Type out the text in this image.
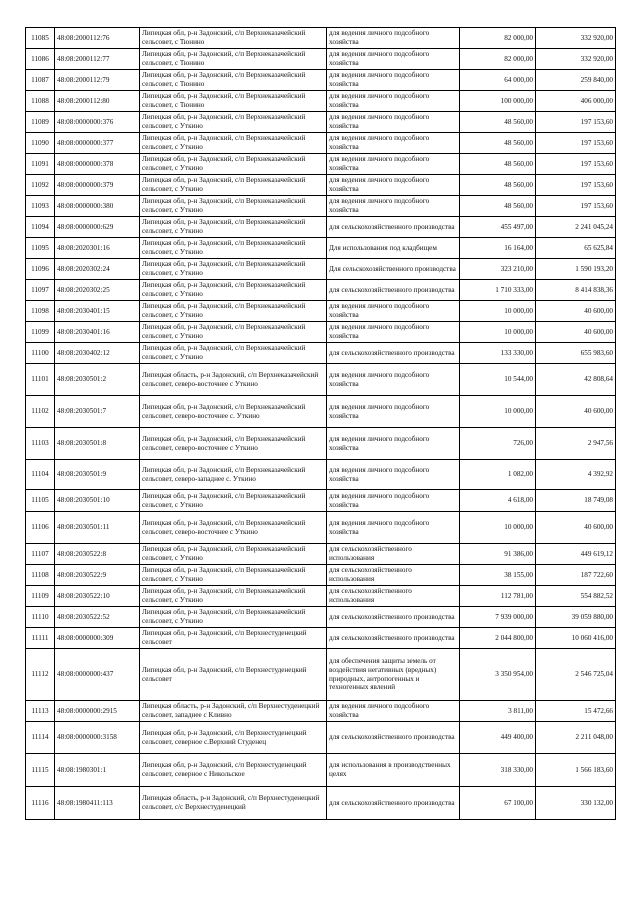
11085	48:08:2000112:76	Липецкая обл, р-н Задонский, с/п Верхнеказачейский сельсовет, с Тюнино	для ведения личного подсобного хозяйства	82 000,00	332 920,00
11086	48:08:2000112:77	Липецкая обл, р-н Задонский, с/п Верхнеказачейский сельсовет, с Тюнино	для ведения личного подсобного хозяйства	82 000,00	332 920,00
11087	48:08:2000112:79	Липецкая обл, р-н Задонский, с/п Верхнеказачейский сельсовет, с Тюнино	для ведения личного подсобного хозяйства	64 000,00	259 840,00
11088	48:08:2000112:80	Липецкая обл, р-н Задонский, с/п Верхнеказачейский сельсовет, с Тюнино	для ведения личного подсобного хозяйства	100 000,00	406 000,00
11089	48:08:0000000:376	Липецкая обл, р-н Задонский, с/п Верхнеказачейский сельсовет, с Уткино	для ведения личного подсобного хозяйства	48 560,00	197 153,60
11090	48:08:0000000:377	Липецкая обл, р-н Задонский, с/п Верхнеказачейский сельсовет, с Уткино	для ведения личного подсобного хозяйства	48 560,00	197 153,60
11091	48:08:0000000:378	Липецкая обл, р-н Задонский, с/п Верхнеказачейский сельсовет, с Уткино	для ведения личного подсобного хозяйства	48 560,00	197 153,60
11092	48:08:0000000:379	Липецкая обл, р-н Задонский, с/п Верхнеказачейский сельсовет, с Уткино	для ведения личного подсобного хозяйства	48 560,00	197 153,60
11093	48:08:0000000:380	Липецкая обл, р-н Задонский, с/п Верхнеказачейский сельсовет, с Уткино	для ведения личного подсобного хозяйства	48 560,00	197 153,60
11094	48:08:0000000:629	Липецкая обл, р-н Задонский, с/п Верхнеказачейский сельсовет, с Уткино	для сельскохозяйственного производства	455 497,00	2 241 045,24
11095	48:08:2020301:16	Липецкая обл, р-н Задонский, с/п Верхнеказачейский сельсовет, с Уткино	Для использования под кладбищем	16 164,00	65 625,84
11096	48:08:2020302:24	Липецкая обл, р-н Задонский, с/п Верхнеказачейский сельсовет, с Уткино	Для сельскохозяйственного производства	323 210,00	1 590 193,20
11097	48:08:2020302:25	Липецкая обл, р-н Задонский, с/п Верхнеказачейский сельсовет, с Уткино	для сельскохозяйственного производства	1 710 333,00	8 414 838,36
11098	48:08:2030401:15	Липецкая обл, р-н Задонский, с/п Верхнеказачейский сельсовет, с Уткино	для ведения личного подсобного хозяйства	10 000,00	40 600,00
11099	48:08:2030401:16	Липецкая обл, р-н Задонский, с/п Верхнеказачейский сельсовет, с Уткино	для ведения личного подсобного хозяйства	10 000,00	40 600,00
11100	48:08:2030402:12	Липецкая обл, р-н Задонский, с/п Верхнеказачейский сельсовет, с Уткино	для сельскохозяйственного производства	133 330,00	655 983,60
11101	48:08:2030501:2	Липецкая область, р-н Задонский, с/п Верхнеказачейский сельсовет, северо-восточнее с Уткино	для ведения личного подсобного хозяйства	10 544,00	42 808,64
11102	48:08:2030501:7	Липецкая обл, р-н Задонский, с/п Верхнеказачейский сельсовет, северо-восточнее с. Уткино	для ведения личного подсобного хозяйства	10 000,00	40 600,00
11103	48:08:2030501:8	Липецкая обл, р-н Задонский, с/п Верхнеказачейский сельсовет, северо-восточнее с Уткино	для ведения личного подсобного хозяйства	726,00	2 947,56
11104	48:08:2030501:9	Липецкая обл, р-н Задонский, с/п Верхнеказачейский сельсовет, северо-западнее с. Уткино	для ведения личного подсобного хозяйства	1 082,00	4 392,92
11105	48:08:2030501:10	Липецкая обл, р-н Задонский, с/п Верхнеказачейский сельсовет, с Уткино	для ведения личного подсобного хозяйства	4 618,00	18 749,08
11106	48:08:2030501:11	Липецкая обл, р-н Задонский, с/п Верхнеказачейский сельсовет, северо-восточнее с Уткино	для ведения личного подсобного хозяйства	10 000,00	40 600,00
11107	48:08:2030522:8	Липецкая обл, р-н Задонский, с/п Верхнеказачейский сельсовет, с Уткино	для сельскохозяйственного использования	91 386,00	449 619,12
11108	48:08:2030522:9	Липецкая обл, р-н Задонский, с/п Верхнеказачейский сельсовет, с Уткино	для сельскохозяйственного использования	38 155,00	187 722,60
11109	48:08:2030522:10	Липецкая обл, р-н Задонский, с/п Верхнеказачейский сельсовет, с Уткино	для сельскохозяйственного использования	112 781,00	554 882,52
11110	48:08:2030522:52	Липецкая обл, р-н Задонский, с/п Верхнеказачейский сельсовет, с Уткино	для сельскохозяйственного производства	7 939 000,00	39 059 880,00
11111	48:08:0000000:309	Липецкая обл, р-н Задонский, с/п Верхнестуденецкий сельсовет	для сельскохозяйственного производства	2 044 800,00	10 060 416,00
11112	48:08:0000000:437	Липецкая обл, р-н Задонский, с/п Верхнестуденецкий сельсовет	для обеспечения защиты земель от воздействия негативных (вредных) природных, антропогенных и техногенных явлений	3 350 954,00	2 546 725,04
11113	48:08:0000000:2915	Липецкая область, р-н Задонский, с/п Верхнестуденецкий сельсовет, западнее с Кливно	для ведения личного подсобного хозяйства	3 811,00	15 472,66
11114	48:08:0000000:3158	Липецкая обл, р-н Задонский, с/п Верхнестуденецкий сельсовет, северное с.Верхний Студенец	для сельскохозяйственного производства	449 400,00	2 211 048,00
11115	48:08:1980301:1	Липецкая обл, р-н Задонский, с/п Верхнестуденецкий сельсовет, северное с Никольское	для использования в производственных целях	318 330,00	1 566 183,60
11116	48:08:1980411:113	Липецкая область, р-н Задонский, с/п Верхнестуденецкий сельсовет, с/с Верхнестуденецкий	для сельскохозяйственного производства	67 100,00	330 132,00
